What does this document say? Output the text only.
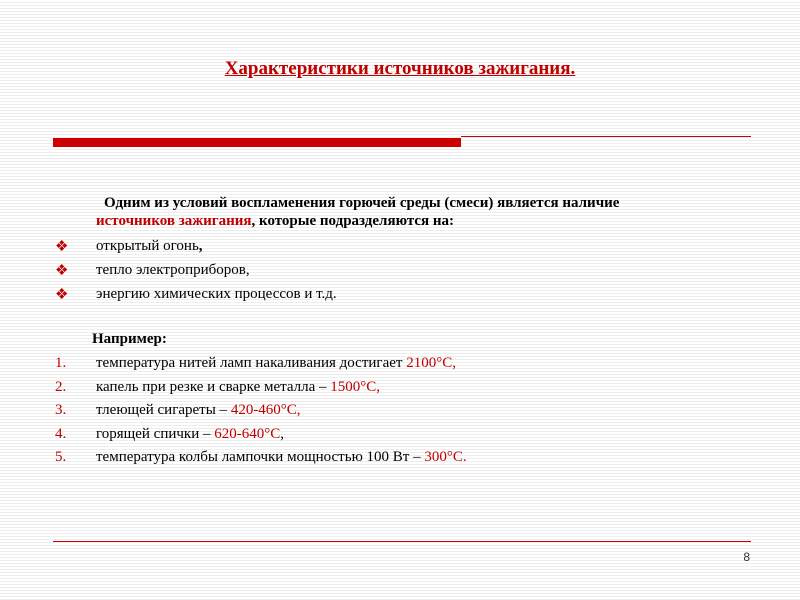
Характеристики источников зажигания.
Одним из условий воспламенения горючей среды (смеси) является наличие
источников зажигания, которые подразделяются на:
❖ открытый огонь,
❖ тепло электроприборов,
❖ энергию химических процессов и т.д.
Например:
1. температура нитей ламп накаливания достигает 2100°С,
2. капель при резке и сварке металла – 1500°С,
3. тлеющей сигареты – 420-460°С,
4. горящей спички – 620-640°С,
5. температура колбы лампочки мощностью 100 Вт – 300°С.
8
